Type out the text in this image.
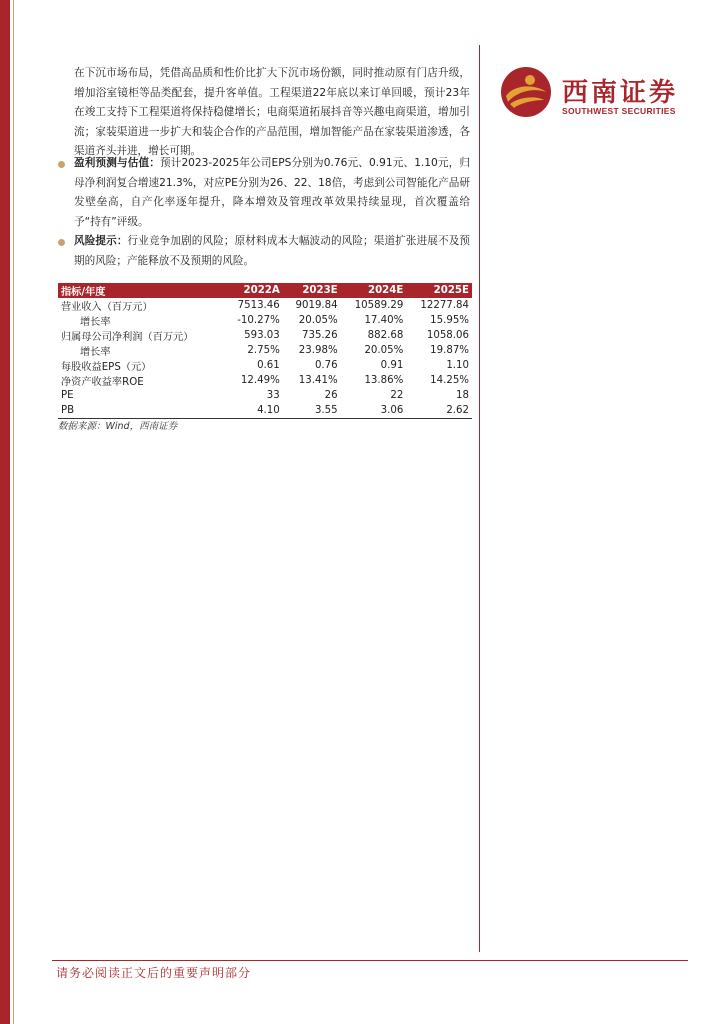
西南证券
SOUTHWEST SECURITIES
在下沉市场布局，凭借高品质和性价比扩大下沉市场份额，同时推动原有门店升级，增加浴室镜柜等品类配套，提升客单值。工程渠道22年底以来订单回暖，预计23年在竣工支持下工程渠道将保持稳健增长；电商渠道拓展抖音等兴趣电商渠道，增加引流；家装渠道进一步扩大和装企合作的产品范围，增加智能产品在家装渠道渗透，各渠道齐头并进，增长可期。
盈利预测与估值：预计2023-2025年公司EPS分别为0.76元、0.91元、1.10元，归母净利润复合增速21.3%，对应PE分别为26、22、18倍，考虑到公司智能化产品研发壁垒高，自产化率逐年提升，降本增效及管理改革效果持续显现，首次覆盖给予“持有”评级。
风险提示：行业竞争加剧的风险；原材料成本大幅波动的风险；渠道扩张进展不及预期的风险；产能释放不及预期的风险。
指标/年度	2022A	2023E	2024E	2025E
营业收入（百万元）	7513.46	9019.84	10589.29	12277.84
增长率	-10.27%	20.05%	17.40%	15.95%
归属母公司净利润（百万元）	593.03	735.26	882.68	1058.06
增长率	2.75%	23.98%	20.05%	19.87%
每股收益EPS（元）	0.61	0.76	0.91	1.10
净资产收益率ROE	12.49%	13.41%	13.86%	14.25%
PE	33	26	22	18
PB	4.10	3.55	3.06	2.62
数据来源：Wind，西南证券
请务必阅读正文后的重要声明部分
